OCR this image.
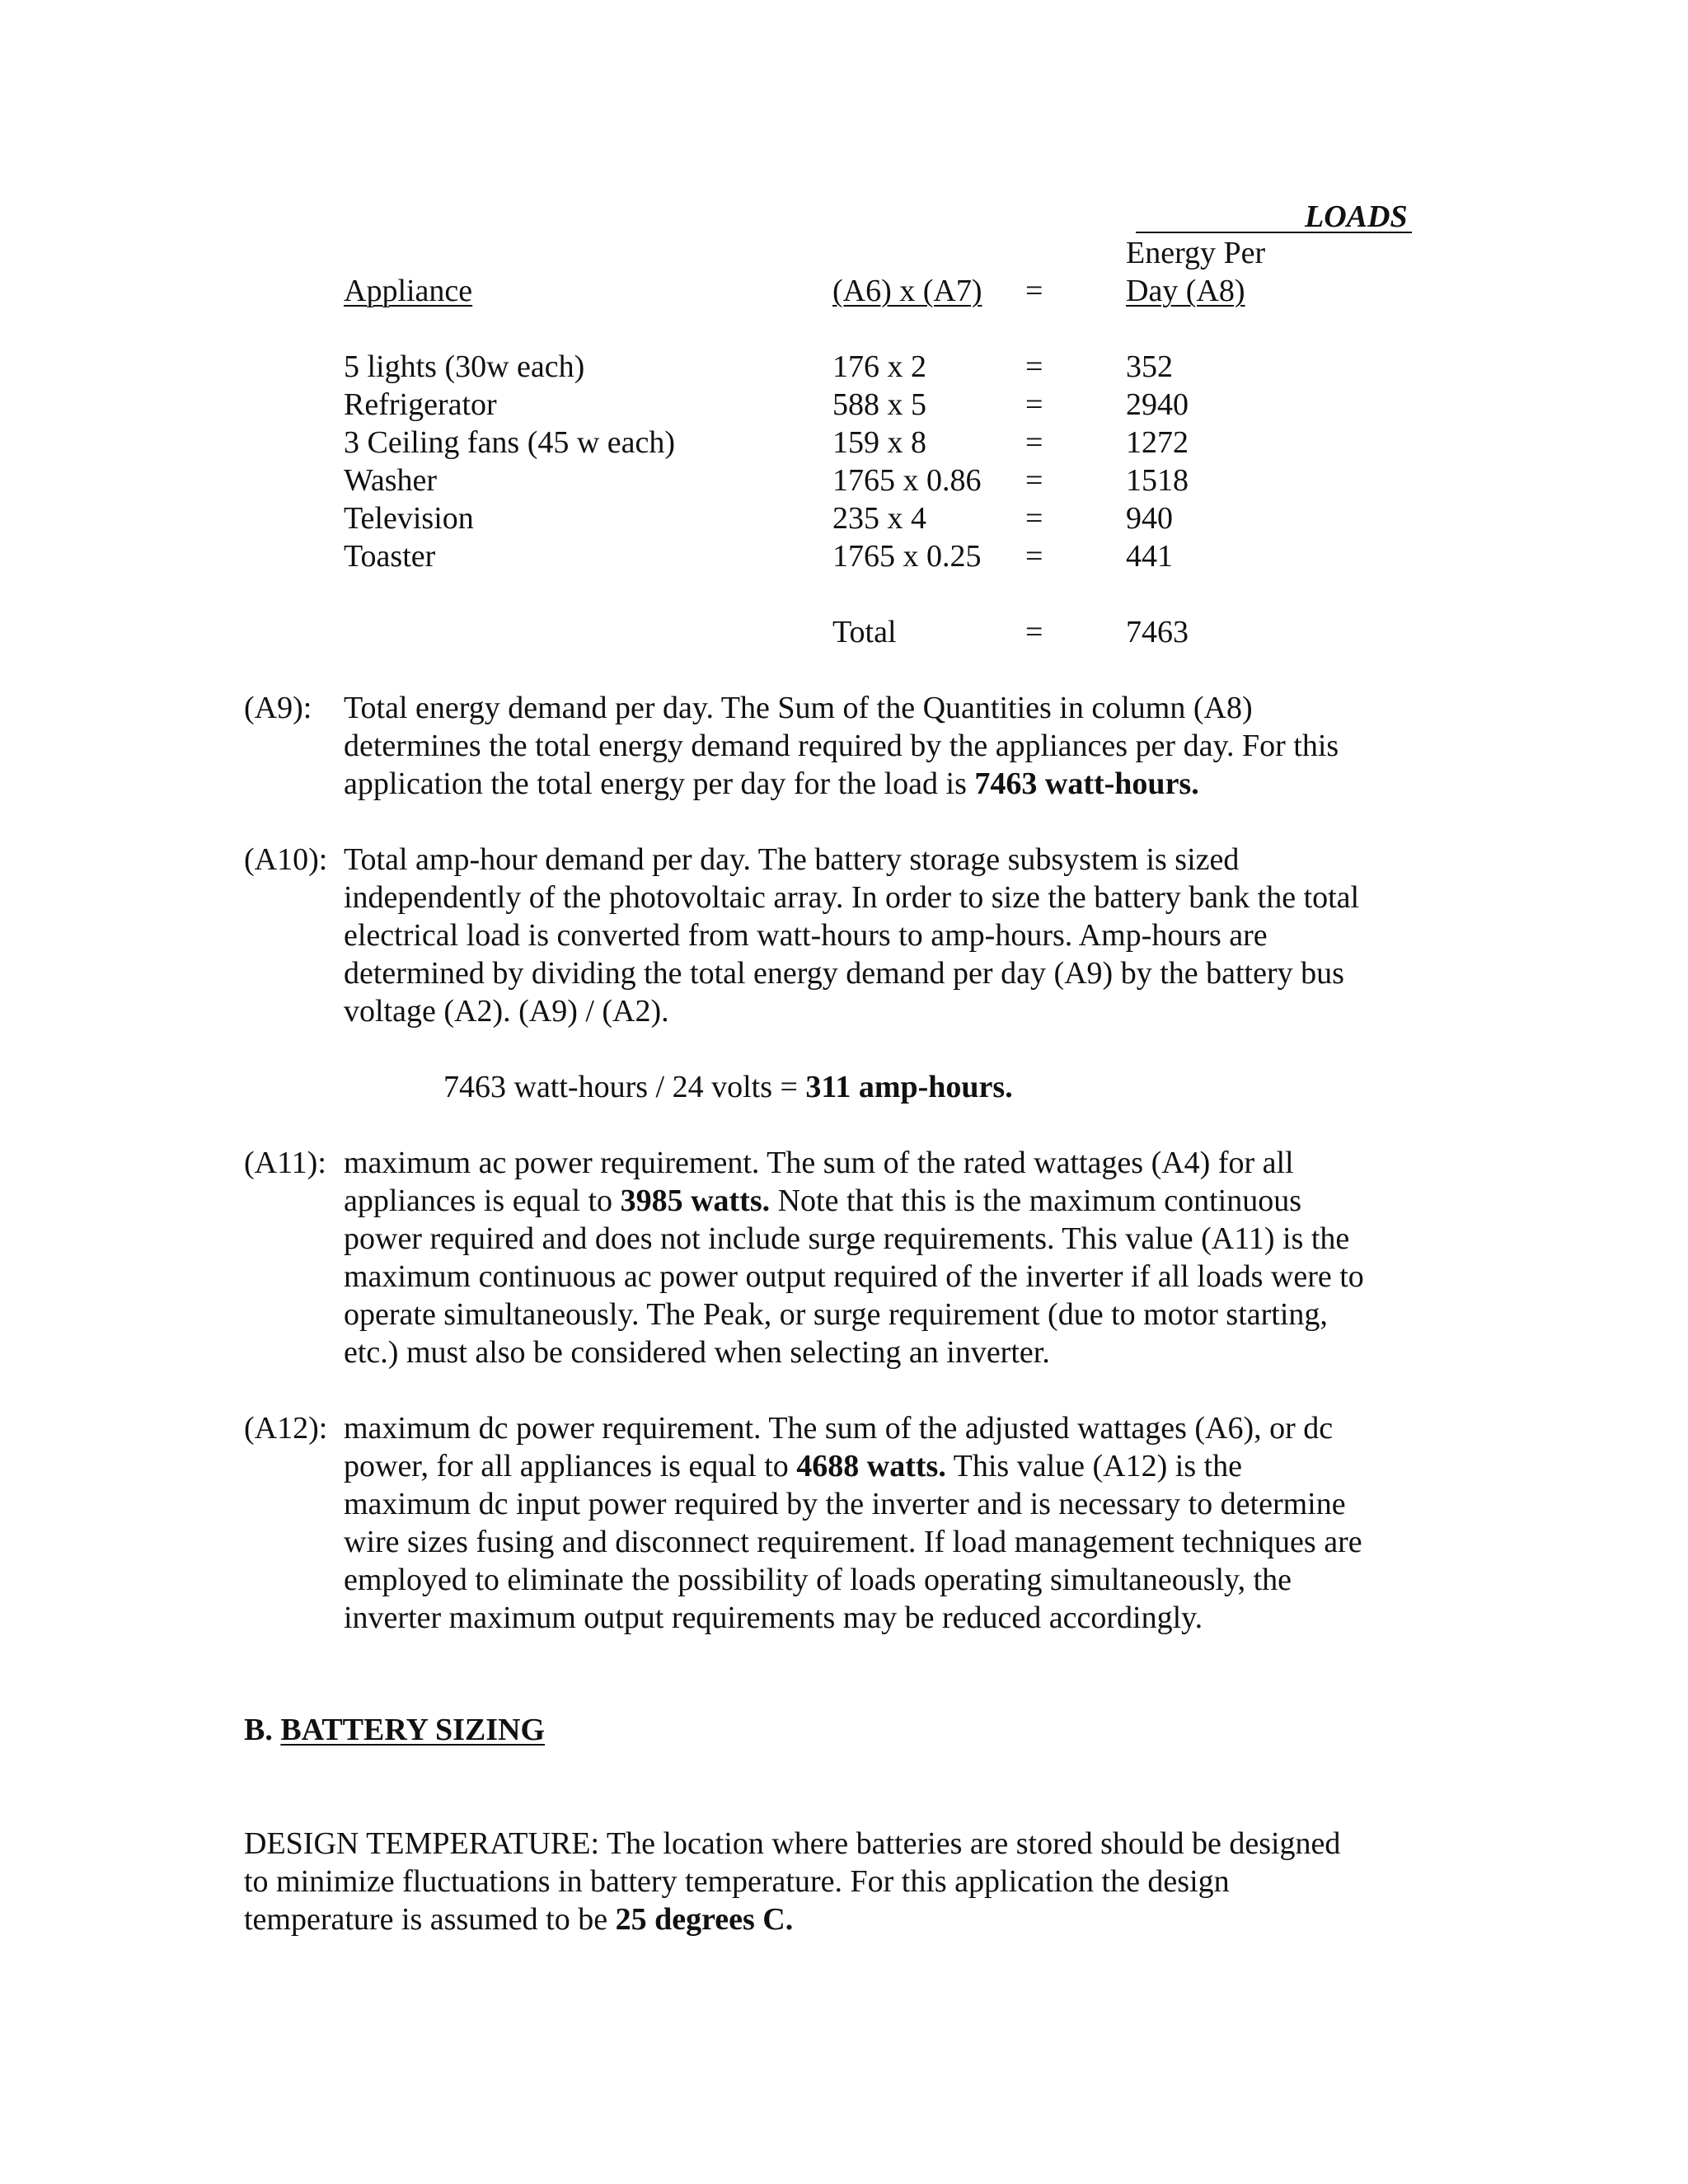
LOADS
Energy Per
Appliance	(A6) x (A7) =	Day (A8)
5 lights (30w each)	176 x 2	=	352
Refrigerator	588 x 5	=	2940
3 Ceiling fans (45 w each)	159 x 8	=	1272
Washer	1765 x 0.86 =	1518
Television	235 x 4	=	940
Toaster	1765 x 0.25 =	441
Total	=	7463
(A9): Total energy demand per day. The Sum of the Quantities in column (A8)
determines the total energy demand required by the appliances per day. For this
application the total energy per day for the load is 7463 watt-hours.
(A10): Total amp-hour demand per day. The battery storage subsystem is sized
independently of the photovoltaic array. In order to size the battery bank the total
electrical load is converted from watt-hours to amp-hours. Amp-hours are
determined by dividing the total energy demand per day (A9) by the battery bus
voltage (A2). (A9) / (A2).
7463 watt-hours / 24 volts = 311 amp-hours.
(A11): maximum ac power requirement. The sum of the rated wattages (A4) for all
appliances is equal to 3985 watts. Note that this is the maximum continuous
power required and does not include surge requirements. This value (A11) is the
maximum continuous ac power output required of the inverter if all loads were to
operate simultaneously. The Peak, or surge requirement (due to motor starting,
etc.) must also be considered when selecting an inverter.
(A12): maximum dc power requirement. The sum of the adjusted wattages (A6), or dc
power, for all appliances is equal to 4688 watts. This value (A12) is the
maximum dc input power required by the inverter and is necessary to determine
wire sizes fusing and disconnect requirement. If load management techniques are
employed to eliminate the possibility of loads operating simultaneously, the
inverter maximum output requirements may be reduced accordingly.
B. BATTERY SIZING
DESIGN TEMPERATURE: The location where batteries are stored should be designed
to minimize fluctuations in battery temperature. For this application the design
temperature is assumed to be 25 degrees C.
